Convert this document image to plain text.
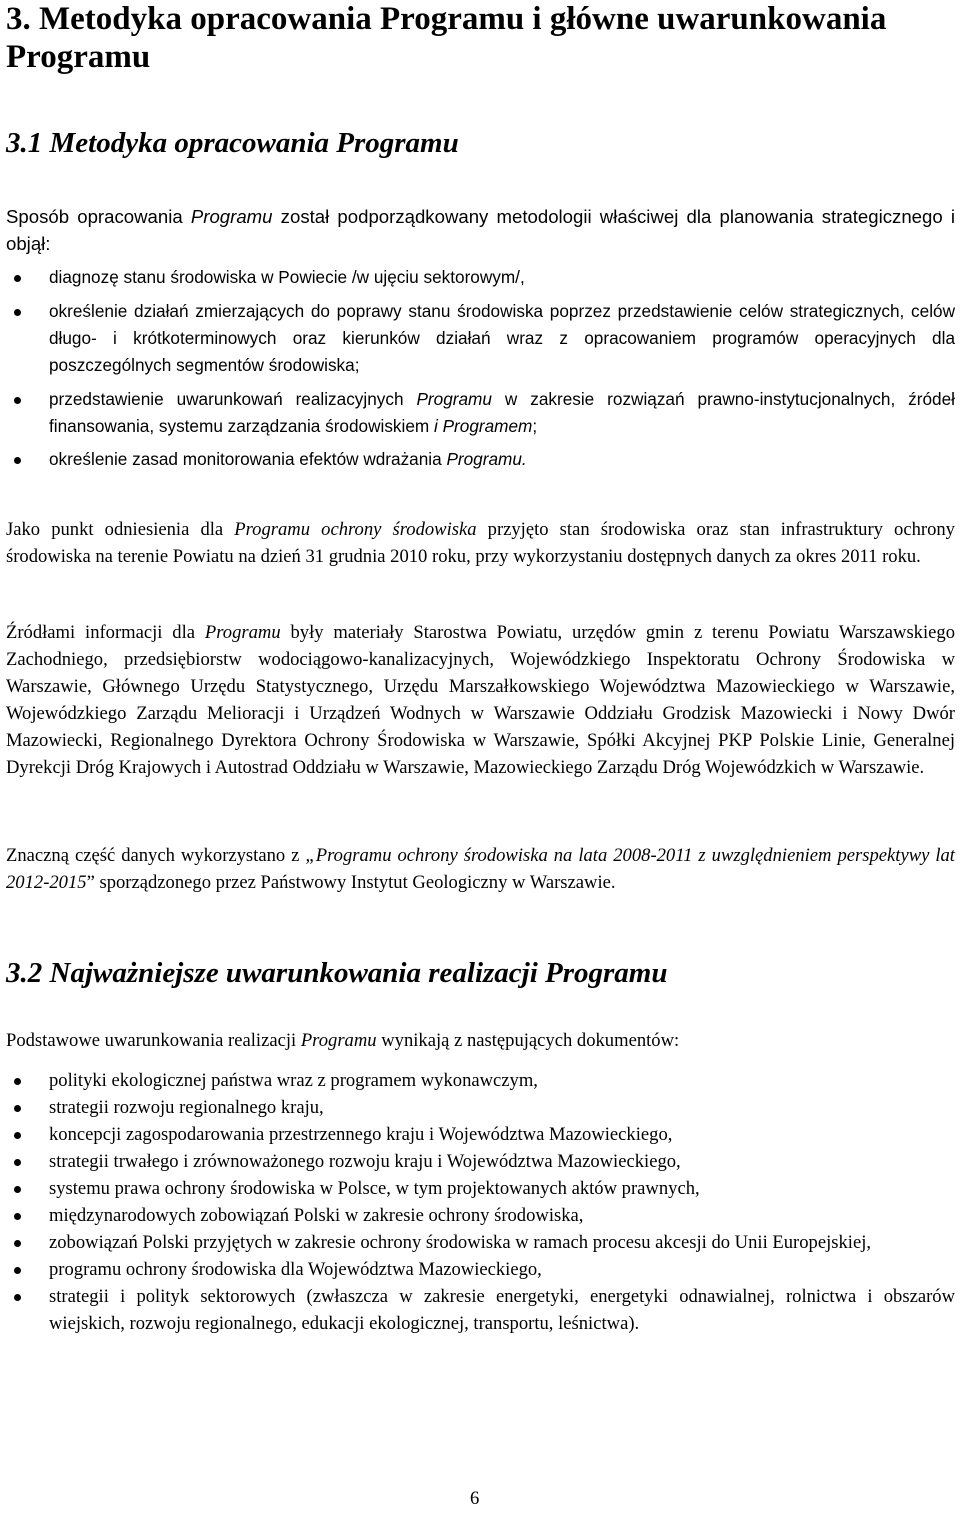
3. Metodyka opracowania Programu i główne uwarunkowania Programu
3.1 Metodyka opracowania Programu

Sposób opracowania Programu został podporządkowany metodologii właściwej dla planowania strategicznego i objął:

diagnozę stanu środowiska w Powiecie /w ujęciu sektorowym/,
określenie działań zmierzających do poprawy stanu środowiska poprzez przedstawienie celów strategicznych, celów długo- i krótkoterminowych oraz kierunków działań wraz z opracowaniem programów operacyjnych dla poszczególnych segmentów środowiska;
przedstawienie uwarunkowań realizacyjnych Programu w zakresie rozwiązań prawno-instytucjonalnych, źródeł finansowania, systemu zarządzania środowiskiem i Programem;
określenie zasad monitorowania efektów wdrażania Programu.

Jako punkt odniesienia dla Programu ochrony środowiska przyjęto stan środowiska oraz stan infrastruktury ochrony środowiska na terenie Powiatu na dzień 31 grudnia 2010 roku, przy wykorzystaniu dostępnych danych za okres 2011 roku.

Źródłami informacji dla Programu były materiały Starostwa Powiatu, urzędów gmin z terenu Powiatu Warszawskiego Zachodniego, przedsiębiorstw wodociągowo-kanalizacyjnych, Wojewódzkiego Inspektoratu Ochrony Środowiska w Warszawie, Głównego Urzędu Statystycznego, Urzędu Marszałkowskiego Województwa Mazowieckiego w Warszawie, Wojewódzkiego Zarządu Melioracji i Urządzeń Wodnych w Warszawie Oddziału Grodzisk Mazowiecki i Nowy Dwór Mazowiecki, Regionalnego Dyrektora Ochrony Środowiska w Warszawie, Spółki Akcyjnej PKP Polskie Linie, Generalnej Dyrekcji Dróg Krajowych i Autostrad Oddziału w Warszawie, Mazowieckiego Zarządu Dróg Wojewódzkich w Warszawie.

Znaczną część danych wykorzystano z „Programu ochrony środowiska na lata 2008-2011 z uwzględnieniem perspektywy lat 2012-2015” sporządzonego przez Państwowy Instytut Geologiczny w Warszawie.

3.2 Najważniejsze uwarunkowania realizacji Programu

Podstawowe uwarunkowania realizacji Programu wynikają z następujących dokumentów:

polityki ekologicznej państwa wraz z programem wykonawczym,
strategii rozwoju regionalnego kraju,
koncepcji zagospodarowania przestrzennego kraju i Województwa Mazowieckiego,
strategii trwałego i zrównoważonego rozwoju kraju i Województwa Mazowieckiego,
systemu prawa ochrony środowiska w Polsce, w tym projektowanych aktów prawnych,
międzynarodowych zobowiązań Polski w zakresie ochrony środowiska,
zobowiązań Polski przyjętych w zakresie ochrony środowiska w ramach procesu akcesji do Unii Europejskiej,
programu ochrony środowiska dla Województwa Mazowieckiego,
strategii i polityk sektorowych (zwłaszcza w zakresie energetyki, energetyki odnawialnej, rolnictwa i obszarów wiejskich, rozwoju regionalnego, edukacji ekologicznej, transportu, leśnictwa).
6
